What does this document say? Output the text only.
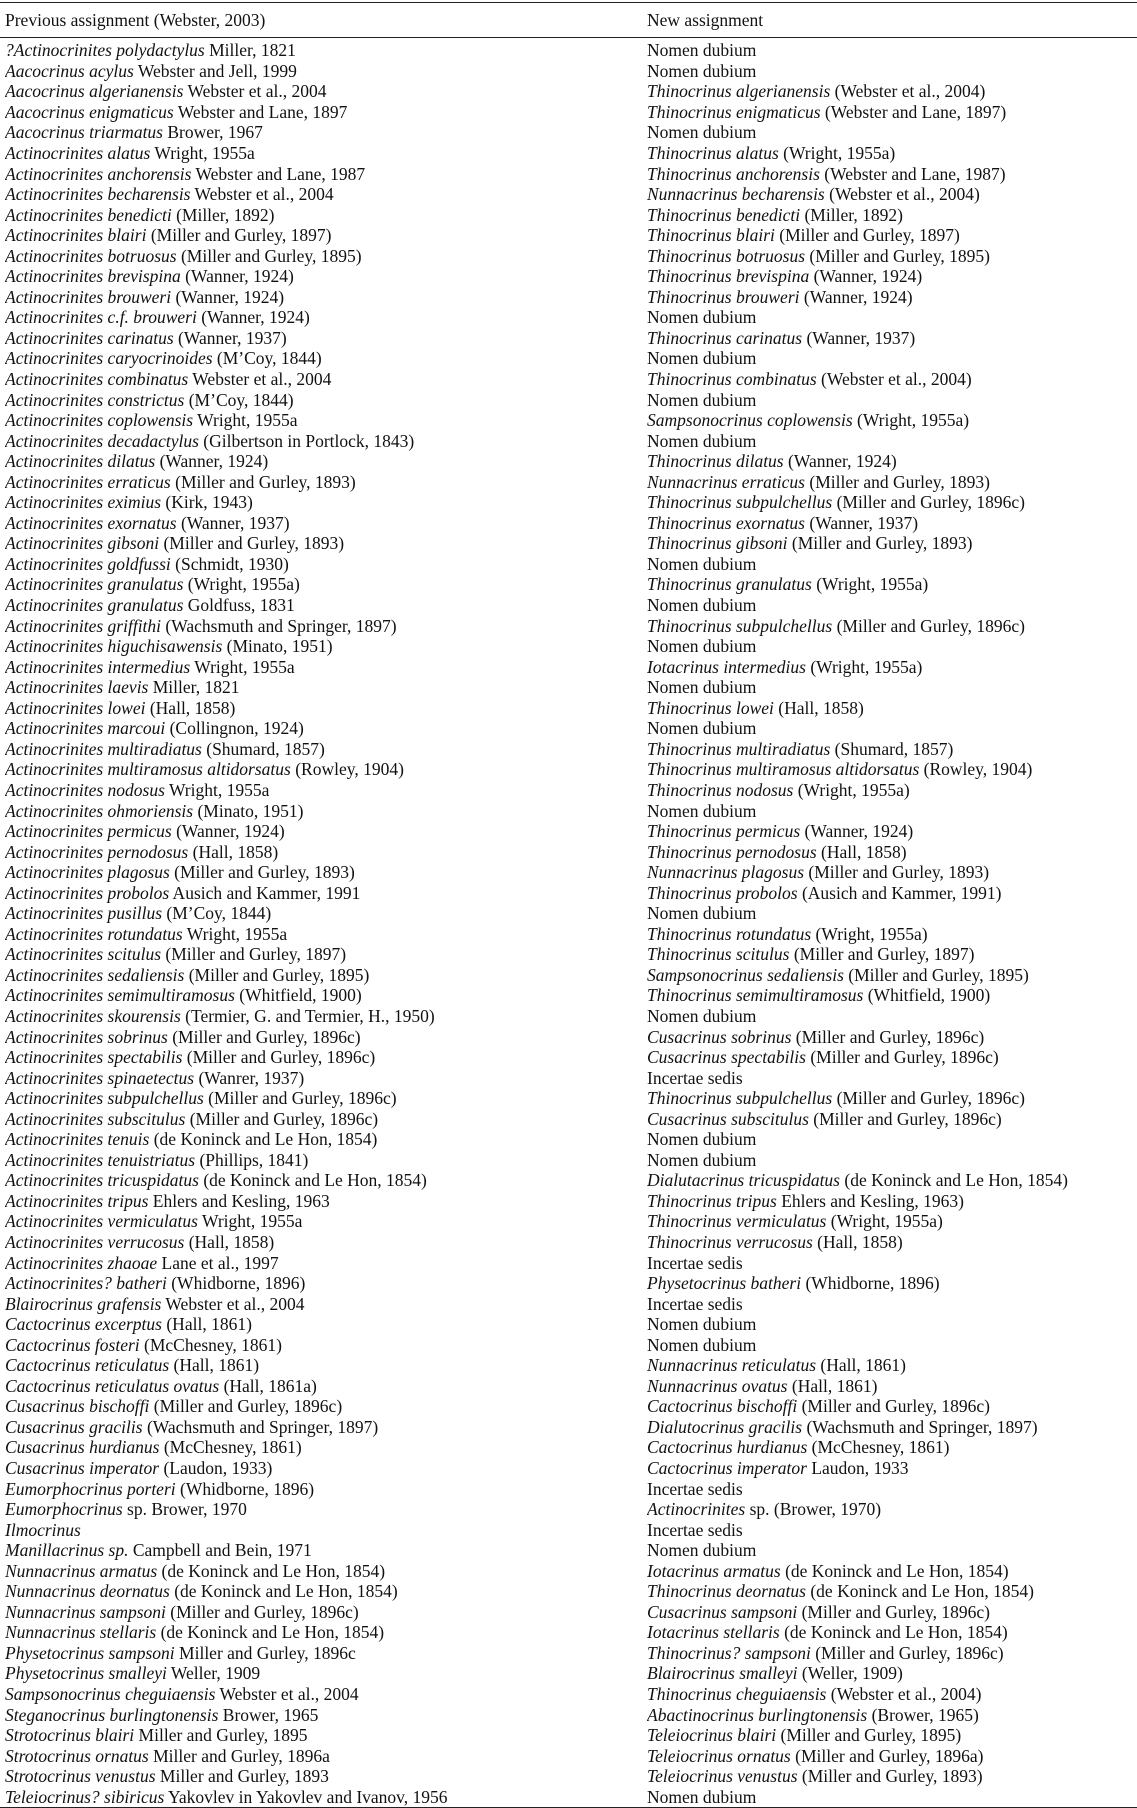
Previous assignment (Webster, 2003)	New assignment
?Actinocrinites polydactylus Miller, 1821	Nomen dubium
Aacocrinus acylus Webster and Jell, 1999	Nomen dubium
Aacocrinus algerianensis Webster et al., 2004	Thinocrinus algerianensis (Webster et al., 2004)
Aacocrinus enigmaticus Webster and Lane, 1897	Thinocrinus enigmaticus (Webster and Lane, 1897)
Aacocrinus triarmatus Brower, 1967	Nomen dubium
Actinocrinites alatus Wright, 1955a	Thinocrinus alatus (Wright, 1955a)
Actinocrinites anchorensis Webster and Lane, 1987	Thinocrinus anchorensis (Webster and Lane, 1987)
Actinocrinites becharensis Webster et al., 2004	Nunnacrinus becharensis (Webster et al., 2004)
Actinocrinites benedicti (Miller, 1892)	Thinocrinus benedicti (Miller, 1892)
Actinocrinites blairi (Miller and Gurley, 1897)	Thinocrinus blairi (Miller and Gurley, 1897)
Actinocrinites botruosus (Miller and Gurley, 1895)	Thinocrinus botruosus (Miller and Gurley, 1895)
Actinocrinites brevispina (Wanner, 1924)	Thinocrinus brevispina (Wanner, 1924)
Actinocrinites brouweri (Wanner, 1924)	Thinocrinus brouweri (Wanner, 1924)
Actinocrinites c.f. brouweri (Wanner, 1924)	Nomen dubium
Actinocrinites carinatus (Wanner, 1937)	Thinocrinus carinatus (Wanner, 1937)
Actinocrinites caryocrinoides (M’Coy, 1844)	Nomen dubium
Actinocrinites combinatus Webster et al., 2004	Thinocrinus combinatus (Webster et al., 2004)
Actinocrinites constrictus (M’Coy, 1844)	Nomen dubium
Actinocrinites coplowensis Wright, 1955a	Sampsonocrinus coplowensis (Wright, 1955a)
Actinocrinites decadactylus (Gilbertson in Portlock, 1843)	Nomen dubium
Actinocrinites dilatus (Wanner, 1924)	Thinocrinus dilatus (Wanner, 1924)
Actinocrinites erraticus (Miller and Gurley, 1893)	Nunnacrinus erraticus (Miller and Gurley, 1893)
Actinocrinites eximius (Kirk, 1943)	Thinocrinus subpulchellus (Miller and Gurley, 1896c)
Actinocrinites exornatus (Wanner, 1937)	Thinocrinus exornatus (Wanner, 1937)
Actinocrinites gibsoni (Miller and Gurley, 1893)	Thinocrinus gibsoni (Miller and Gurley, 1893)
Actinocrinites goldfussi (Schmidt, 1930)	Nomen dubium
Actinocrinites granulatus (Wright, 1955a)	Thinocrinus granulatus (Wright, 1955a)
Actinocrinites granulatus Goldfuss, 1831	Nomen dubium
Actinocrinites griffithi (Wachsmuth and Springer, 1897)	Thinocrinus subpulchellus (Miller and Gurley, 1896c)
Actinocrinites higuchisawensis (Minato, 1951)	Nomen dubium
Actinocrinites intermedius Wright, 1955a	Iotacrinus intermedius (Wright, 1955a)
Actinocrinites laevis Miller, 1821	Nomen dubium
Actinocrinites lowei (Hall, 1858)	Thinocrinus lowei (Hall, 1858)
Actinocrinites marcoui (Collingnon, 1924)	Nomen dubium
Actinocrinites multiradiatus (Shumard, 1857)	Thinocrinus multiradiatus (Shumard, 1857)
Actinocrinites multiramosus altidorsatus (Rowley, 1904)	Thinocrinus multiramosus altidorsatus (Rowley, 1904)
Actinocrinites nodosus Wright, 1955a	Thinocrinus nodosus (Wright, 1955a)
Actinocrinites ohmoriensis (Minato, 1951)	Nomen dubium
Actinocrinites permicus (Wanner, 1924)	Thinocrinus permicus (Wanner, 1924)
Actinocrinites pernodosus (Hall, 1858)	Thinocrinus pernodosus (Hall, 1858)
Actinocrinites plagosus (Miller and Gurley, 1893)	Nunnacrinus plagosus (Miller and Gurley, 1893)
Actinocrinites probolos Ausich and Kammer, 1991	Thinocrinus probolos (Ausich and Kammer, 1991)
Actinocrinites pusillus (M’Coy, 1844)	Nomen dubium
Actinocrinites rotundatus Wright, 1955a	Thinocrinus rotundatus (Wright, 1955a)
Actinocrinites scitulus (Miller and Gurley, 1897)	Thinocrinus scitulus (Miller and Gurley, 1897)
Actinocrinites sedaliensis (Miller and Gurley, 1895)	Sampsonocrinus sedaliensis (Miller and Gurley, 1895)
Actinocrinites semimultiramosus (Whitfield, 1900)	Thinocrinus semimultiramosus (Whitfield, 1900)
Actinocrinites skourensis (Termier, G. and Termier, H., 1950)	Nomen dubium
Actinocrinites sobrinus (Miller and Gurley, 1896c)	Cusacrinus sobrinus (Miller and Gurley, 1896c)
Actinocrinites spectabilis (Miller and Gurley, 1896c)	Cusacrinus spectabilis (Miller and Gurley, 1896c)
Actinocrinites spinaetectus (Wanrer, 1937)	Incertae sedis
Actinocrinites subpulchellus (Miller and Gurley, 1896c)	Thinocrinus subpulchellus (Miller and Gurley, 1896c)
Actinocrinites subscitulus (Miller and Gurley, 1896c)	Cusacrinus subscitulus (Miller and Gurley, 1896c)
Actinocrinites tenuis (de Koninck and Le Hon, 1854)	Nomen dubium
Actinocrinites tenuistriatus (Phillips, 1841)	Nomen dubium
Actinocrinites tricuspidatus (de Koninck and Le Hon, 1854)	Dialutacrinus tricuspidatus (de Koninck and Le Hon, 1854)
Actinocrinites tripus Ehlers and Kesling, 1963	Thinocrinus tripus Ehlers and Kesling, 1963)
Actinocrinites vermiculatus Wright, 1955a	Thinocrinus vermiculatus (Wright, 1955a)
Actinocrinites verrucosus (Hall, 1858)	Thinocrinus verrucosus (Hall, 1858)
Actinocrinites zhaoae Lane et al., 1997	Incertae sedis
Actinocrinites? batheri (Whidborne, 1896)	Physetocrinus batheri (Whidborne, 1896)
Blairocrinus grafensis Webster et al., 2004	Incertae sedis
Cactocrinus excerptus (Hall, 1861)	Nomen dubium
Cactocrinus fosteri (McChesney, 1861)	Nomen dubium
Cactocrinus reticulatus (Hall, 1861)	Nunnacrinus reticulatus (Hall, 1861)
Cactocrinus reticulatus ovatus (Hall, 1861a)	Nunnacrinus ovatus (Hall, 1861)
Cusacrinus bischoffi (Miller and Gurley, 1896c)	Cactocrinus bischoffi (Miller and Gurley, 1896c)
Cusacrinus gracilis (Wachsmuth and Springer, 1897)	Dialutocrinus gracilis (Wachsmuth and Springer, 1897)
Cusacrinus hurdianus (McChesney, 1861)	Cactocrinus hurdianus (McChesney, 1861)
Cusacrinus imperator (Laudon, 1933)	Cactocrinus imperator Laudon, 1933
Eumorphocrinus porteri (Whidborne, 1896)	Incertae sedis
Eumorphocrinus sp. Brower, 1970	Actinocrinites sp. (Brower, 1970)
Ilmocrinus	Incertae sedis
Manillacrinus sp. Campbell and Bein, 1971	Nomen dubium
Nunnacrinus armatus (de Koninck and Le Hon, 1854)	Iotacrinus armatus (de Koninck and Le Hon, 1854)
Nunnacrinus deornatus (de Koninck and Le Hon, 1854)	Thinocrinus deornatus (de Koninck and Le Hon, 1854)
Nunnacrinus sampsoni (Miller and Gurley, 1896c)	Cusacrinus sampsoni (Miller and Gurley, 1896c)
Nunnacrinus stellaris (de Koninck and Le Hon, 1854)	Iotacrinus stellaris (de Koninck and Le Hon, 1854)
Physetocrinus sampsoni Miller and Gurley, 1896c	Thinocrinus? sampsoni (Miller and Gurley, 1896c)
Physetocrinus smalleyi Weller, 1909	Blairocrinus smalleyi (Weller, 1909)
Sampsonocrinus cheguiaensis Webster et al., 2004	Thinocrinus cheguiaensis (Webster et al., 2004)
Steganocrinus burlingtonensis Brower, 1965	Abactinocrinus burlingtonensis (Brower, 1965)
Strotocrinus blairi Miller and Gurley, 1895	Teleiocrinus blairi (Miller and Gurley, 1895)
Strotocrinus ornatus Miller and Gurley, 1896a	Teleiocrinus ornatus (Miller and Gurley, 1896a)
Strotocrinus venustus Miller and Gurley, 1893	Teleiocrinus venustus (Miller and Gurley, 1893)
Teleiocrinus? sibiricus Yakovlev in Yakovlev and Ivanov, 1956	Nomen dubium
